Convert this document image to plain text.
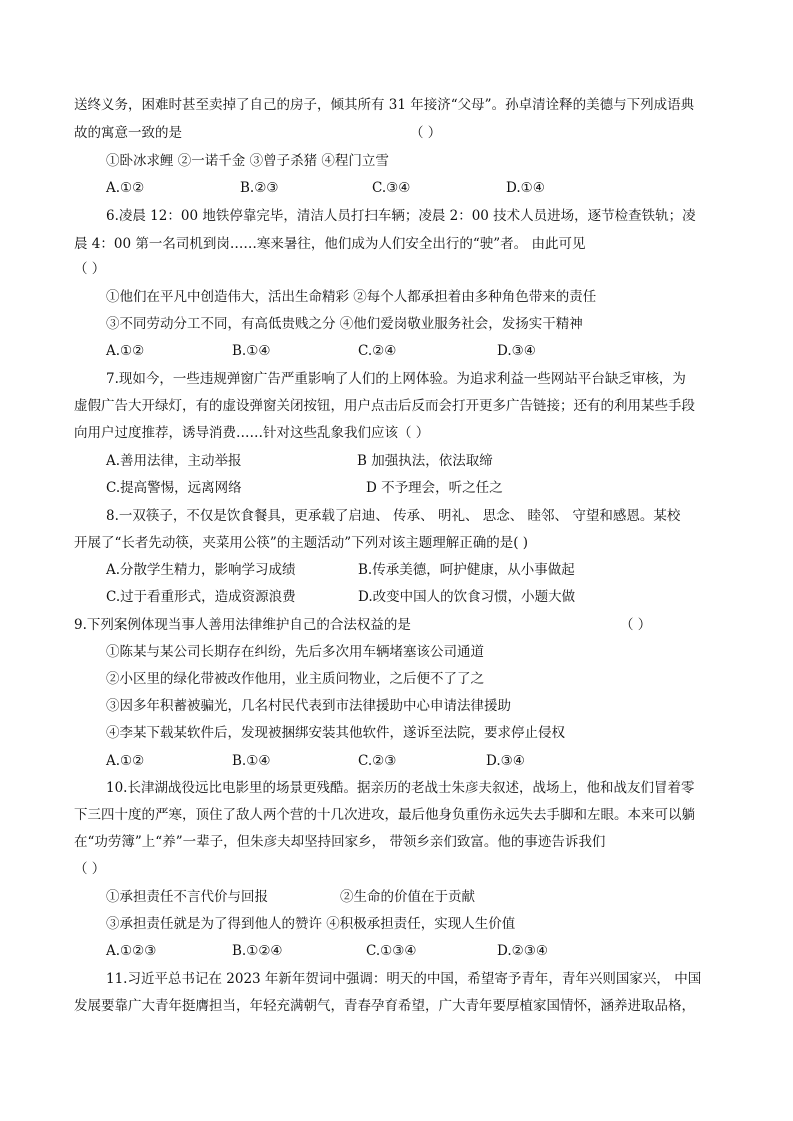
送终义务，困难时甚至卖掉了自己的房子，倾其所有 31 年接济“父母”。孙卓清诠释的美德与下列成语典
故的寓意一致的是	（ ）
①卧冰求鲤 ②一诺千金 ③曾子杀猪 ④程门立雪
A.①②	B.②③	C.③④	D.①④
6.凌晨 12：00 地铁停靠完毕，清洁人员打扫车辆；凌晨 2：00 技术人员进场，逐节检查铁轨；凌
晨 4：00 第一名司机到岗……寒来暑往，他们成为人们安全出行的“驶”者。 由此可见
（ ）
①他们在平凡中创造伟大，活出生命精彩 ②每个人都承担着由多种角色带来的责任
③不同劳动分工不同，有高低贵贱之分 ④他们爱岗敬业服务社会，发扬实干精神
A.①②	B.①④	C.②④	D.③④
7.现如今，一些违规弹窗广告严重影响了人们的上网体验。为追求利益一些网站平台缺乏审核，为
虚假广告大开绿灯，有的虚设弹窗关闭按钮，用户点击后反而会打开更多广告链接；还有的利用某些手段
向用户过度推荐，诱导消费……针对这些乱象我们应该（ ）
A.善用法律，主动举报	B 加强执法，依法取缔
C.提高警惕，远离网络	D 不予理会，听之任之
8.一双筷子，不仅是饮食餐具，更承载了启迪、 传承、 明礼、 思念、 睦邻、 守望和感恩。某校
开展了“长者先动筷，夹菜用公筷”的主题活动”下列对该主题理解正确的是( )
A.分散学生精力，影响学习成绩	B.传承美德，呵护健康，从小事做起
C.过于看重形式，造成资源浪费	D.改变中国人的饮食习惯，小题大做
9.下列案例体现当事人善用法律维护自己的合法权益的是	（ ）
①陈某与某公司长期存在纠纷，先后多次用车辆堵塞该公司通道
②小区里的绿化带被改作他用，业主质问物业，之后便不了了之
③因多年积蓄被骗光，几名村民代表到市法律援助中心申请法律援助
④李某下载某软件后，发现被捆绑安装其他软件，遂诉至法院，要求停止侵权
A.①②	B.①④	C.②③	D.③④
10.长津湖战役远比电影里的场景更残酷。据亲历的老战士朱彦夫叙述，战场上，他和战友们冒着零
下三四十度的严寒，顶住了敌人两个营的十几次进攻，最后他身负重伤永远失去手脚和左眼。本来可以躺
在“功劳簿”上“养”一辈子，但朱彦夫却坚持回家乡， 带领乡亲们致富。他的事迹告诉我们
（ ）
①承担责任不言代价与回报	②生命的价值在于贡献
③承担责任就是为了得到他人的赞许 ④积极承担责任，实现人生价值
A.①②③	B.①②④	C.①③④	D.②③④
11.习近平总书记在 2023 年新年贺词中强调：明天的中国，希望寄予青年，青年兴则国家兴， 中国
发展要靠广大青年挺膺担当，年轻充满朝气，青春孕育希望，广大青年要厚植家国情怀，涵养进取品格，
